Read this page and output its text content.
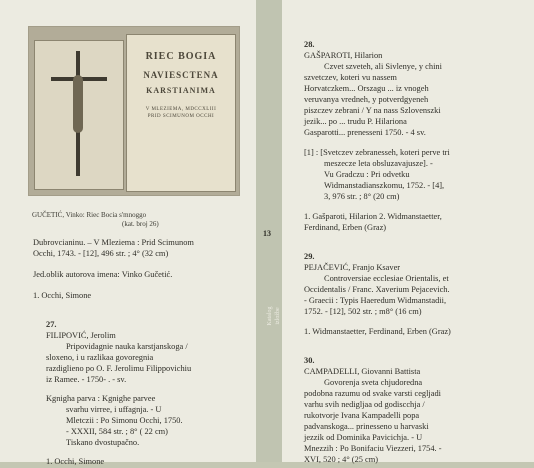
RIEC BOGIA
NAVIESCTENA
KARSTIANIMA
V MLEZIEMA, MDCCXLIII
PRID SCIMUNOM OCCHI
GUČETIĆ, Vinko: Riec Bocia s'mnoggo
(kat. broj 26)
13
Katalog izložbe
Dubrovcianinu. – V Mleziema : Prid Scimunom
Occhi, 1743. - [12], 496 str. ; 4° (32 cm)
Jed.oblik autorova imena: Vinko Gučetić.
1. Occhi, Simone
27.
FILIPOVIĆ, Jerolim
Pripovidagnie nauka karstjanskoga /
sloxeno, i u razlikaa govoregnia
razdiglieno po O. F. Jerolimu Filippovichiu
iz Ramee. - 1750- . - sv.
Kgnigha parva : Kgnighe parvee
svarhu virree, i uffagnja. - U
Mletczii : Po Simonu Occhi, 1750.
- XXXII, 584 str. ; 8° ( 22 cm)
Tiskano dvostupačno.
1. Occhi, Simone
28.
GAŠPAROTI, Hilarion
Czvet szveteh, ali Sivlenye, y chini
szvetczev, koteri vu nassem
Horvatczkem... Orszagu ... iz vnogeh
veruvanya vredneh, y potverdgyeneh
piszczev zebrani / Y na nass Szlovenszki
jezik... po ... trudu P. Hilariona
Gasparotti... prenesseni 1750. - 4 sv.
[1] : [Svetczev zebranesseh, koteri perve tri
meszecze leta obsluzavajusze]. -
Vu Gradczu : Pri odvetku
Widmanstadianszkomu, 1752. - [4],
3, 976 str. ; 8° (20 cm)
1. Gašparoti, Hilarion 2. Widmanstaetter,
Ferdinand, Erben (Graz)
29.
PEJAČEVIĆ, Franjo Ksaver
Controversiae ecclesiae Orientalis, et
Occidentalis / Franc. Xaverium Pejacevich.
- Graecii : Typis Haeredum Widmanstadii,
1752. - [12], 502 str. ; m8° (16 cm)
1. Widmanstaetter, Ferdinand, Erben (Graz)
30.
CAMPADELLI, Giovanni Battista
Govorenja sveta chjudoredna
podobna razumu od svake varsti cegljadi
varhu svih nedigljaa od godiscchja /
rukotvorje Ivana Kampadelli popa
padvanskoga... prinesseno u harvaski
jezzik od Dominika Pavicichja. - U
Mnezzih : Po Bonifaciu Viezzeri, 1754. -
XVI, 520 ; 4° (25 cm)
